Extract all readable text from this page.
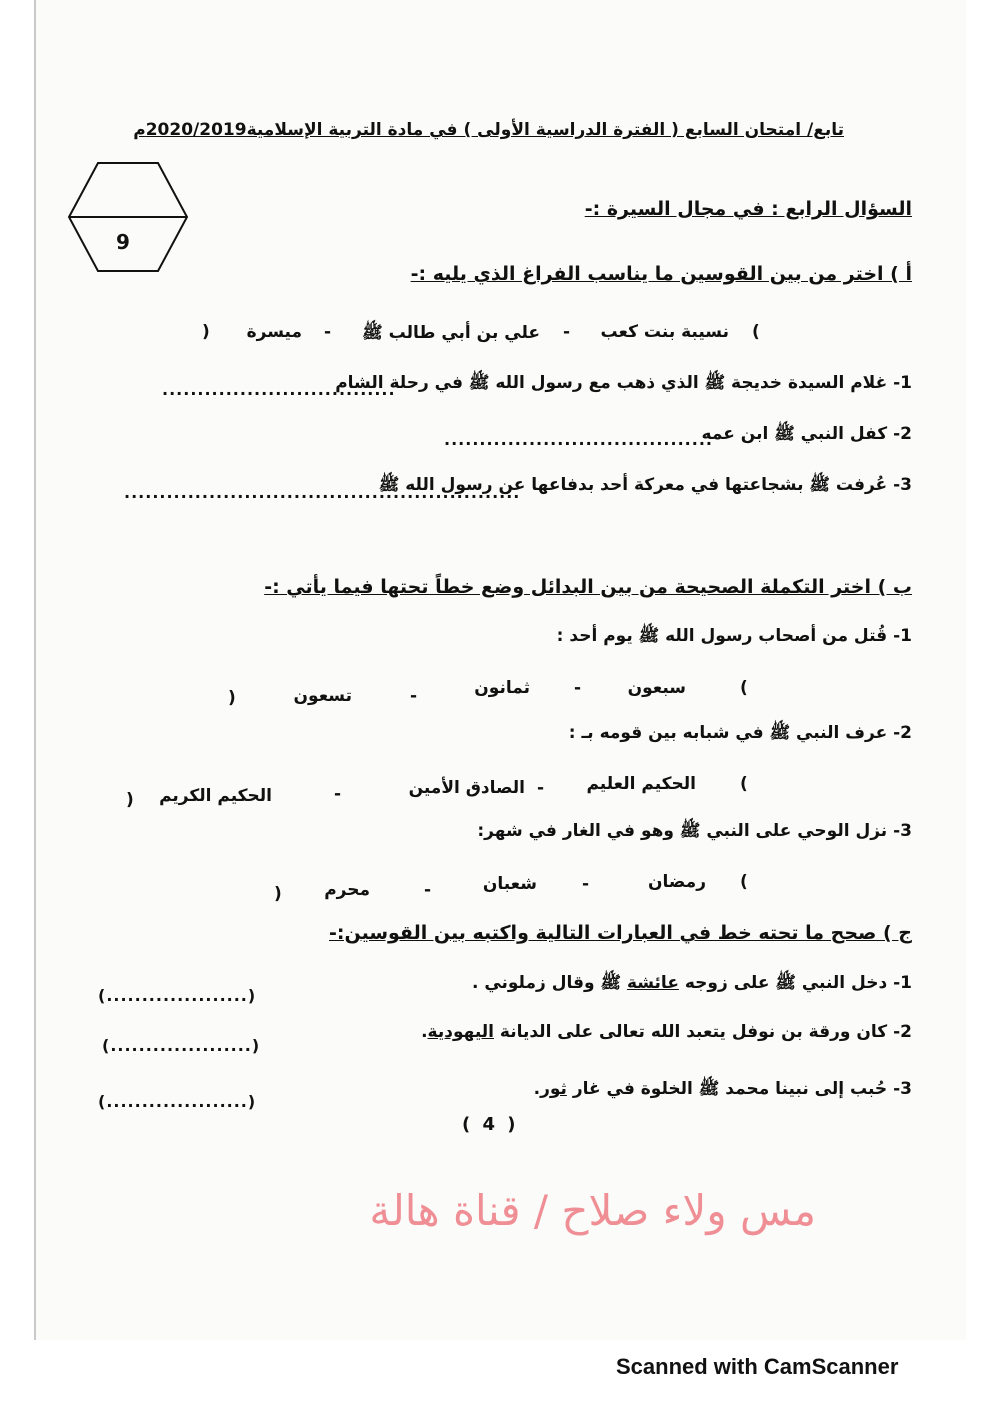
تابع/ امتحان السابع ( الفترة الدراسية الأولى ) في مادة التربية الإسلامية2020/2019م
9
السؤال الرابع : في مجال السيرة :-
أ ) اختر من بين القوسين ما يناسب الفراغ الذي يليه :-
(
نسيبة بنت كعب
-
علي بن أبي طالب ﷺ
-
ميسرة
)
1- غلام السيدة خديجة ﷺ الذي ذهب مع رسول الله ﷺ في رحلة الشام
.................................
2- كفل النبي ﷺ ابن عمه
......................................
3- عُرفت ﷺ بشجاعتها في معركة أحد بدفاعها عن رسول الله ﷺ
........................................................
ب ) اختر التكملة الصحيحة من بين البدائل وضع خطاً تحتها فيما يأتي :-
1- قُتل من أصحاب رسول الله ﷺ يوم أحد :
(
سبعون
-
ثمانون
-
تسعون
)
2- عرف النبي ﷺ في شبابه بين قومه بـ :
(
الحكيم العليم
-
الصادق الأمين
-
الحكيم الكريم
)
3- نزل الوحي على النبي ﷺ وهو في الغار في شهر:
(
رمضان
-
شعبان
-
محرم
)
ج ) صحح ما تحته خط في العبارات التالية واكتبه بين القوسين:-
1- دخل النبي ﷺ على زوجه عائشة ﷺ وقال زملوني .
(....................)
2- كان ورقة بن نوفل يتعبد الله تعالى على الديانة اليهودية.
(....................)
3- حُبب إلى نبينا محمد ﷺ الخلوة في غار ثور.
(....................)
( 4 )
مس ولاء صلاح / قناة هالة
Scanned with CamScanner
